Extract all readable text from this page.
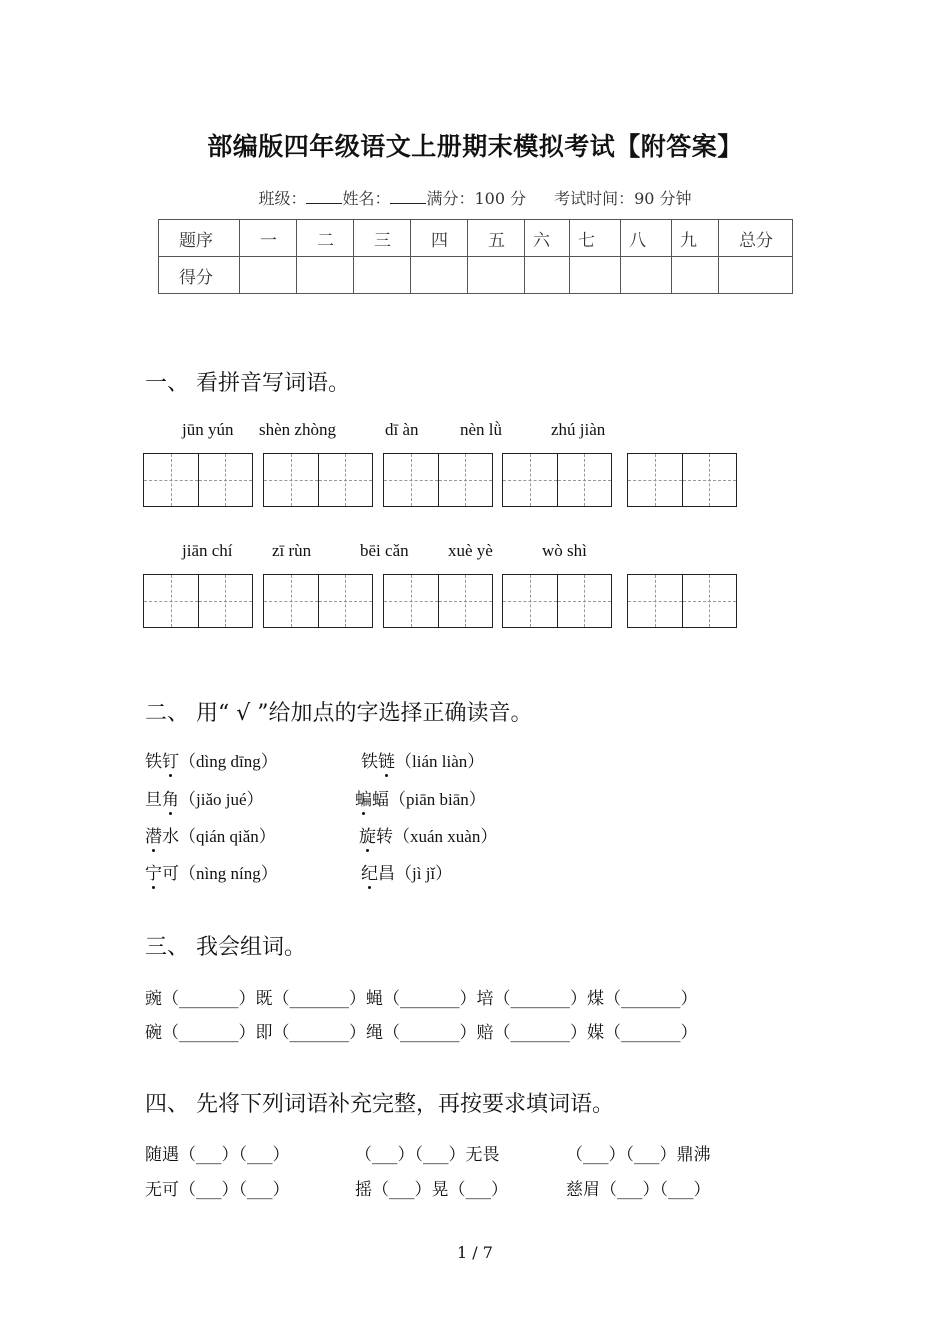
部编版四年级语文上册期末模拟考试【附答案】
班级： 姓名： 满分：100 分 考试时间：90 分钟
题序	一	二	三	四	五	六	七	八	九	总分
得分										
一、 看拼音写词语。
jūn yún shèn zhòng	dī àn nèn lǜ	zhú jiàn
jiān chí zī rùn	bēi cǎn xuè yè	wò shì
二、 用“ √ ”给加点的字选择正确读音。
铁钉（dìng dīng）	铁链（lián liàn）
旦角（jiǎo jué）	蝙蝠（piān biān）
潜水（qián qiǎn）	旋转（xuán xuàn）
宁可（nìng níng）	纪昌（jì jǐ）
三、 我会组词。
豌（_______）既（_______）蝇（_______）培（_______）煤（_______）
碗（_______）即（_______）绳（_______）赔（_______）媒（_______）
四、 先将下列词语补充完整，再按要求填词语。
随遇（___）（___）	（___）（___）无畏	（___）（___）鼎沸
无可（___）（___）	摇（___）晃（___）	慈眉（___）（___）
1 / 7
